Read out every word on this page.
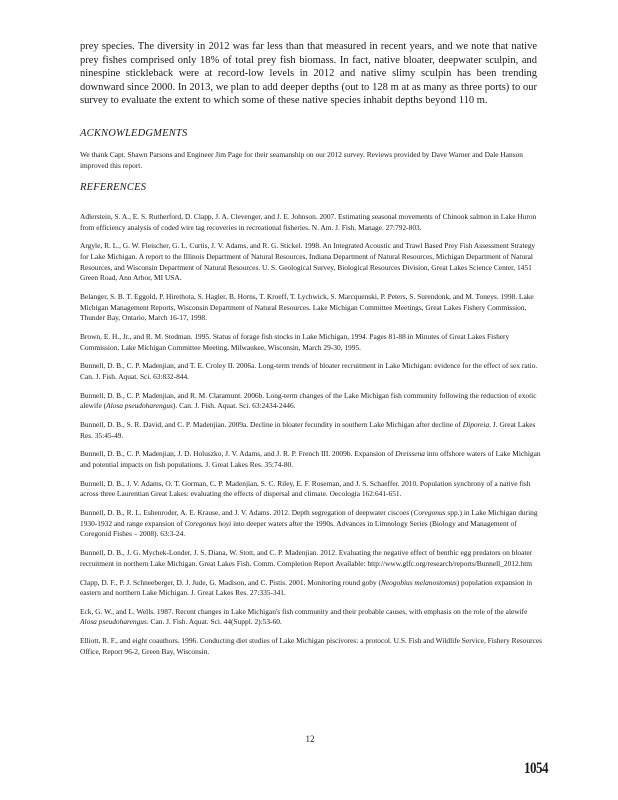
prey species. The diversity in 2012 was far less than that measured in recent years, and we note that native prey fishes comprised only 18% of total prey fish biomass. In fact, native bloater, deepwater sculpin, and ninespine stickleback were at record-low levels in 2012 and native slimy sculpin has been trending downward since 2000. In 2013, we plan to add deeper depths (out to 128 m at as many as three ports) to our survey to evaluate the extent to which some of these native species inhabit depths beyond 110 m.

ACKNOWLEDGMENTS

We thank Capt. Shawn Parsons and Engineer Jim Page for their seamanship on our 2012 survey. Reviews provided by Dave Warner and Dale Hanson improved this report.

REFERENCES

Adlerstein, S. A., E. S. Rutherford, D. Clapp, J. A. Clevenger, and J. E. Johnson. 2007. Estimating seasonal movements of Chinook salmon in Lake Huron from efficiency analysis of coded wire tag recoveries in recreational fisheries. N. Am. J. Fish. Manage. 27:792-803.

Argyle, R. L., G. W. Fleischer, G. L. Curtis, J. V. Adams, and R. G. Stickel. 1998. An Integrated Acoustic and Trawl Based Prey Fish Assessment Strategy for Lake Michigan. A report to the Illinois Department of Natural Resources, Indiana Department of Natural Resources, Michigan Department of Natural Resources, and Wisconsin Department of Natural Resources. U. S. Geological Survey, Biological Resources Division, Great Lakes Science Center, 1451 Green Road, Ann Arbor, MI USA.

Belanger, S. B. T. Eggold, P. Hirethota, S. Hagler, B. Horns, T. Kroeff, T. Lychwick, S. Marcquenski, P. Peters, S. Surendonk, and M. Toneys. 1998. Lake Michigan Management Reports, Wisconsin Department of Natural Resources. Lake Michigan Committee Meetings, Great Lakes Fishery Commission, Thunder Bay, Ontario, March 16-17, 1998.

Brown, E. H., Jr., and R. M. Stedman. 1995. Status of forage fish stocks in Lake Michigan, 1994. Pages 81-88 in Minutes of Great Lakes Fishery Commission, Lake Michigan Committee Meeting, Milwaukee, Wisconsin, March 29-30, 1995.

Bunnell, D. B., C. P. Madenjian, and T. E. Croley II. 2006a. Long-term trends of bloater recruitment in Lake Michigan: evidence for the effect of sex ratio. Can. J. Fish. Aquat. Sci. 63:832-844.

Bunnell, D. B., C. P. Madenjian, and R. M. Claramunt. 2006b. Long-term changes of the Lake Michigan fish community following the reduction of exotic alewife (Alosa pseudoharengus). Can. J. Fish. Aquat. Sci. 63:2434-2446.

Bunnell, D. B., S. R. David, and C. P. Madenjian. 2009a. Decline in bloater fecundity in southern Lake Michigan after decline of Diporeia. J. Great Lakes Res. 35:45-49.

Bunnell, D. B., C. P. Madenjian, J. D. Holuszko, J. V. Adams, and J. R. P. French III. 2009b. Expansion of Dreissena into offshore waters of Lake Michigan and potential impacts on fish populations. J. Great Lakes Res. 35:74-80.

Bunnell, D. B., J. V. Adams, O. T. Gorman, C. P. Madenjian, S. C. Riley, E. F. Roseman, and J. S. Schaeffer. 2010. Population synchrony of a native fish across three Laurentian Great Lakes: evaluating the effects of dispersal and climate. Oecologia 162:641-651.

Bunnell, D. B., R. L. Eshenroder, A. E. Krause, and J. V. Adams. 2012. Depth segregation of deepwater ciscoes (Coregonus spp.) in Lake Michigan during 1930-1932 and range expansion of Coregonus hoyi into deeper waters after the 1990s. Advances in Limnology Series (Biology and Management of Coregonid Fishes – 2008). 63:3-24.

Bunnell, D. B., J. G. Mychek-Londer, J. S. Diana, W. Stott, and C. P. Madenjian. 2012. Evaluating the negative effect of benthic egg predators on bloater recruitment in northern Lake Michigan. Great Lakes Fish. Comm. Completion Report Available: http://www.glfc.org/research/reports/Bunnell_2012.htm

Clapp, D. F., P. J. Schneeberger, D. J. Jude, G. Madison, and C. Pistis. 2001. Monitoring round goby (Neogobius melanostomus) population expansion in eastern and northern Lake Michigan. J. Great Lakes Res. 27:335-341.

Eck, G. W., and L. Wells. 1987. Recent changes in Lake Michigan's fish community and their probable causes, with emphasis on the role of the alewife Alosa pseudoharengus. Can. J. Fish. Aquat. Sci. 44(Suppl. 2):53-60.

Elliott, R. F., and eight coauthors. 1996. Conducting diet studies of Lake Michigan piscivores: a protocol. U.S. Fish and Wildlife Service, Fishery Resources Office, Report 96-2, Green Bay, Wisconsin.

12
1054
